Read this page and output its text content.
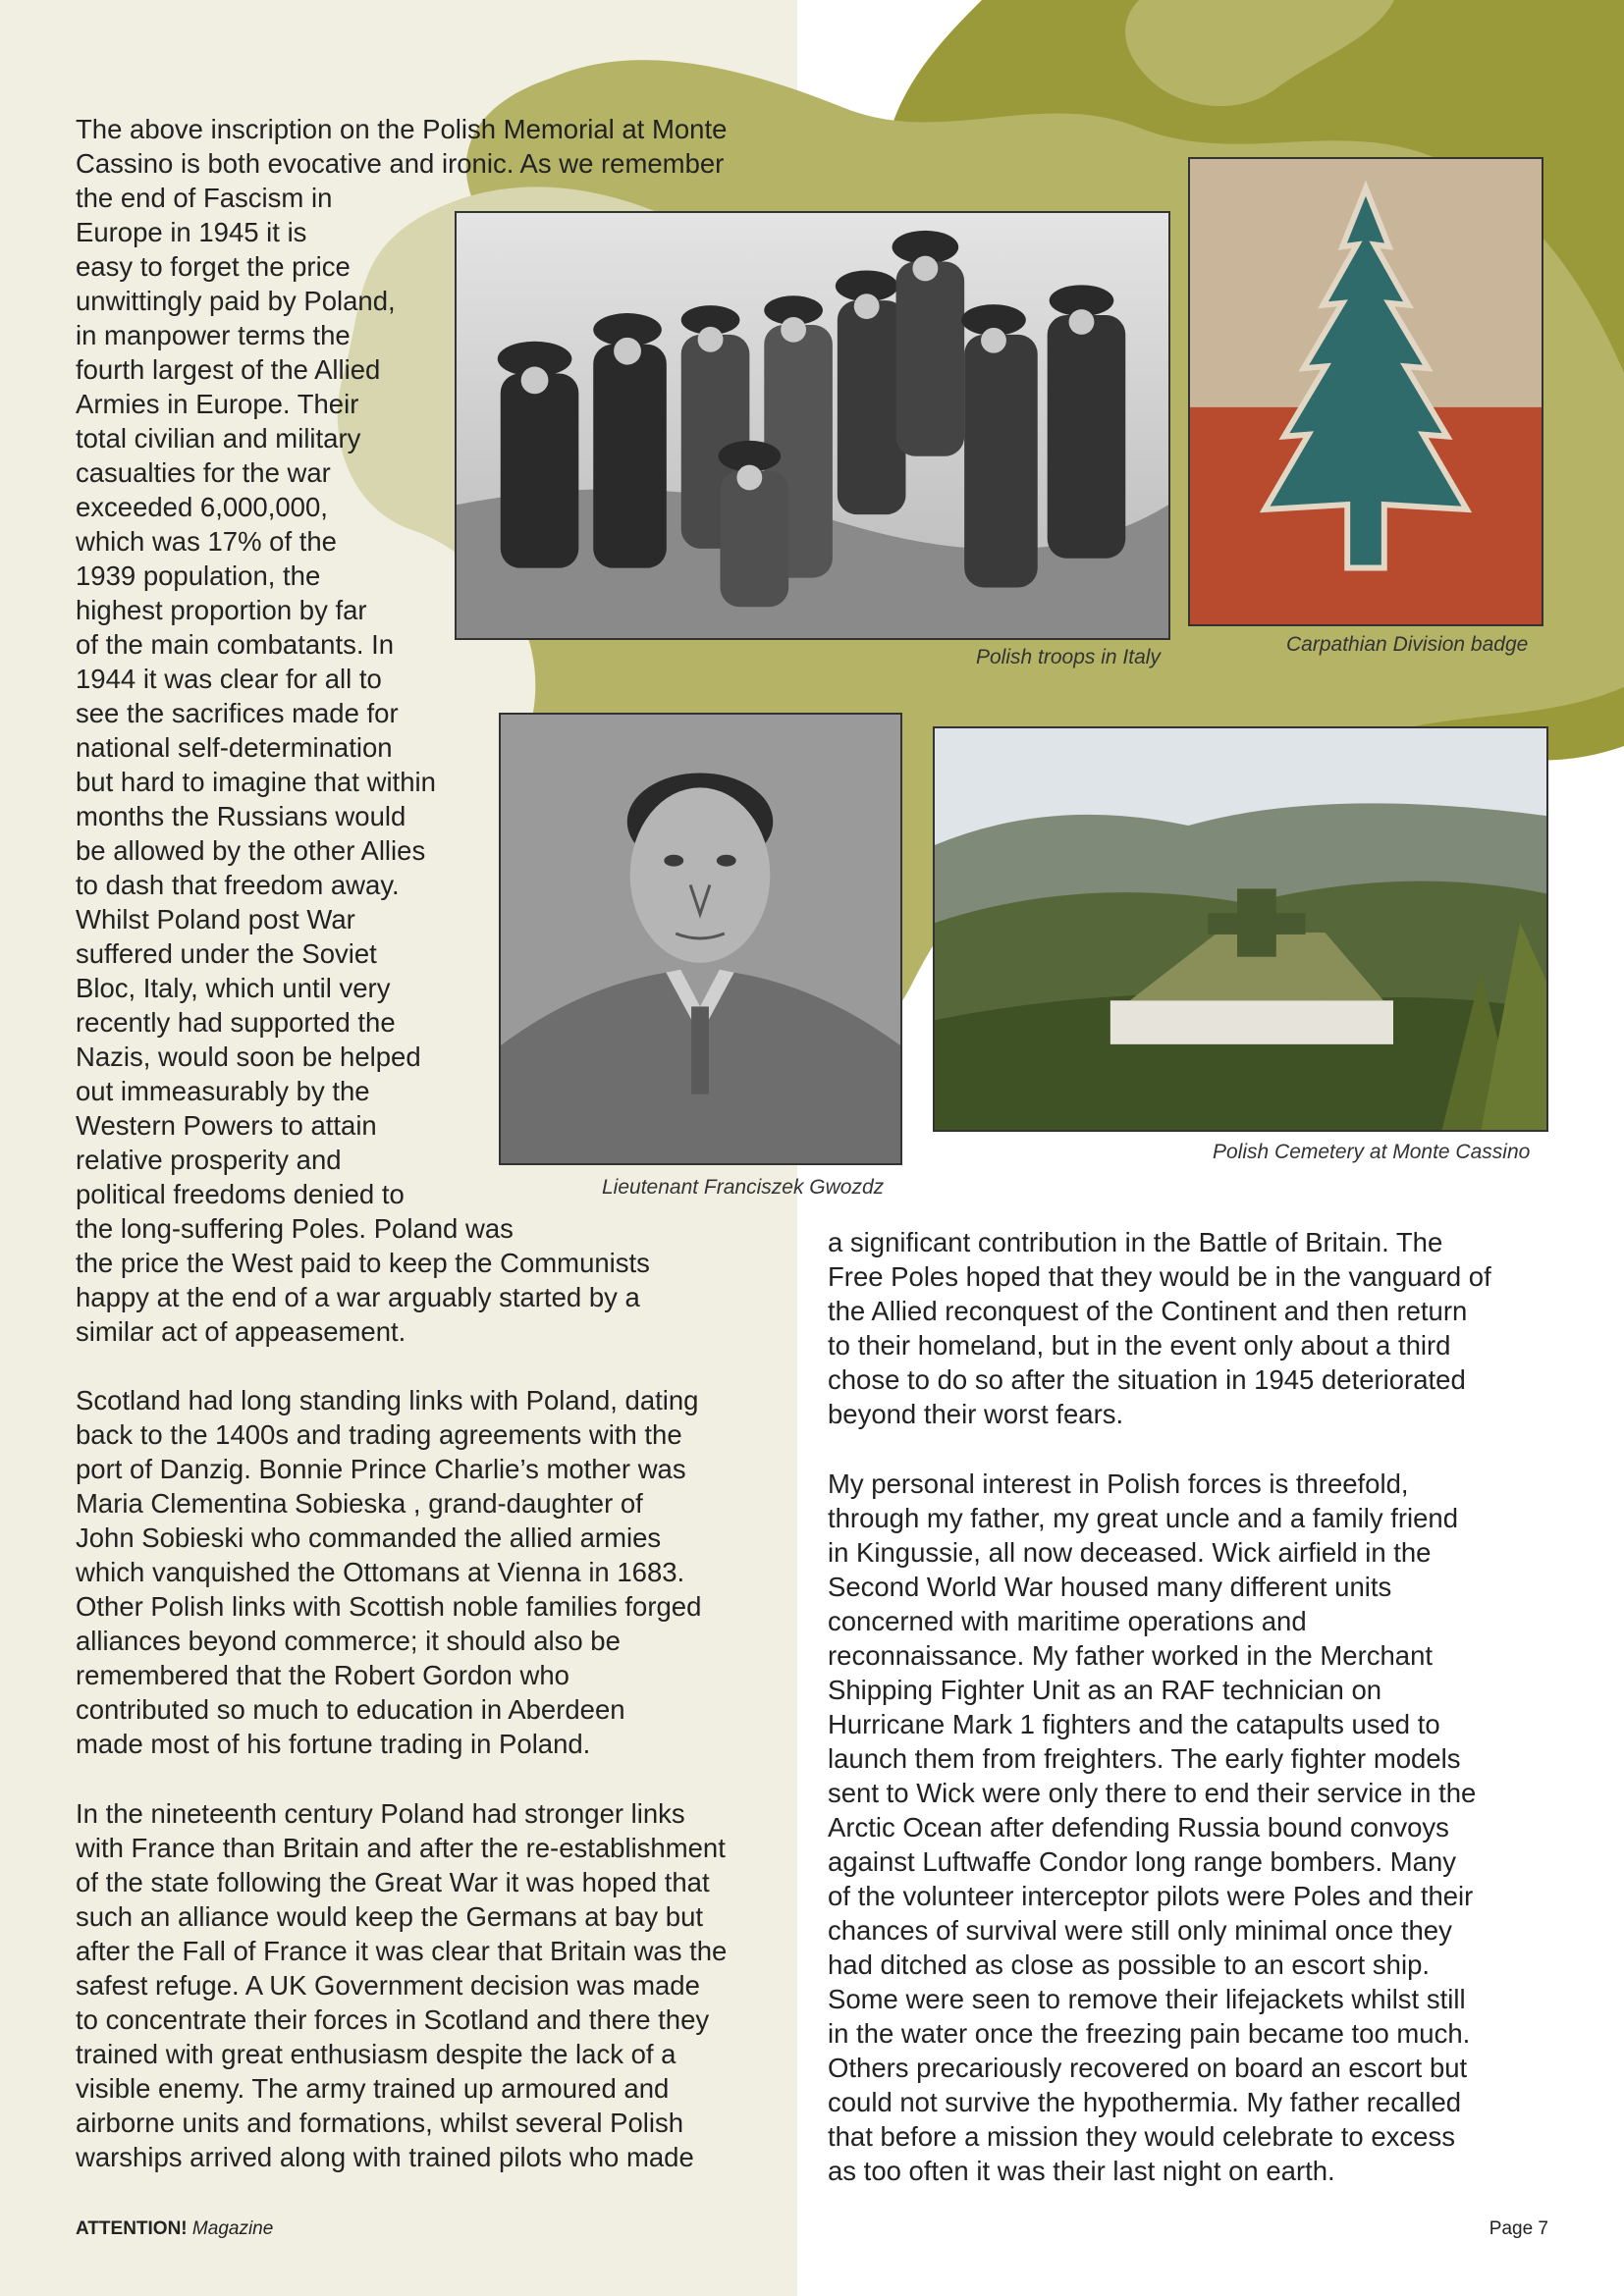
The above inscription on the Polish Memorial at Monte
Cassino is both evocative and ironic. As we remember
the end of Fascism in
Europe in 1945 it is
easy to forget the price
unwittingly paid by Poland,
in manpower terms the
fourth largest of the Allied
Armies in Europe. Their
total civilian and military
casualties for the war
exceeded 6,000,000,
which was 17% of the
1939 population, the
highest proportion by far
of the main combatants. In
1944 it was clear for all to
see the sacrifices made for
national self-determination
but hard to imagine that within
months the Russians would
be allowed by the other Allies
to dash that freedom away.
Whilst Poland post War
suffered under the Soviet
Bloc, Italy, which until very
recently had supported the
Nazis, would soon be helped
out immeasurably by the
Western Powers to attain
relative prosperity and
political freedoms denied to
the long-suffering Poles. Poland was
the price the West paid to keep the Communists
happy at the end of a war arguably started by a
similar act of appeasement.
Scotland had long standing links with Poland, dating
back to the 1400s and trading agreements with the
port of Danzig. Bonnie Prince Charlie’s mother was
Maria Clementina Sobieska , grand-daughter of
John Sobieski who commanded the allied armies
which vanquished the Ottomans at Vienna in 1683.
Other Polish links with Scottish noble families forged
alliances beyond commerce; it should also be
remembered that the Robert Gordon who
contributed so much to education in Aberdeen
made most of his fortune trading in Poland.
In the nineteenth century Poland had stronger links
with France than Britain and after the re-establishment
of the state following the Great War it was hoped that
such an alliance would keep the Germans at bay but
after the Fall of France it was clear that Britain was the
safest refuge. A UK Government decision was made
to concentrate their forces in Scotland and there they
trained with great enthusiasm despite the lack of a
visible enemy. The army trained up armoured and
airborne units and formations, whilst several Polish
warships arrived along with trained pilots who made
a significant contribution in the Battle of Britain. The
Free Poles hoped that they would be in the vanguard of
the Allied reconquest of the Continent and then return
to their homeland, but in the event only about a third
chose to do so after the situation in 1945 deteriorated
beyond their worst fears.
My personal interest in Polish forces is threefold,
through my father, my great uncle and a family friend
in Kingussie, all now deceased. Wick airfield in the
Second World War housed many different units
concerned with maritime operations and
reconnaissance. My father worked in the Merchant
Shipping Fighter Unit as an RAF technician on
Hurricane Mark 1 fighters and the catapults used to
launch them from freighters. The early fighter models
sent to Wick were only there to end their service in the
Arctic Ocean after defending Russia bound convoys
against Luftwaffe Condor long range bombers. Many
of the volunteer interceptor pilots were Poles and their
chances of survival were still only minimal once they
had ditched as close as possible to an escort ship.
Some were seen to remove their lifejackets whilst still
in the water once the freezing pain became too much.
Others precariously recovered on board an escort but
could not survive the hypothermia. My father recalled
that before a mission they would celebrate to excess
as too often it was their last night on earth.
Polish troops in Italy
Carpathian Division badge
Lieutenant Franciszek Gwozdz
Polish Cemetery at Monte Cassino
ATTENTION! Magazine	Page 7
